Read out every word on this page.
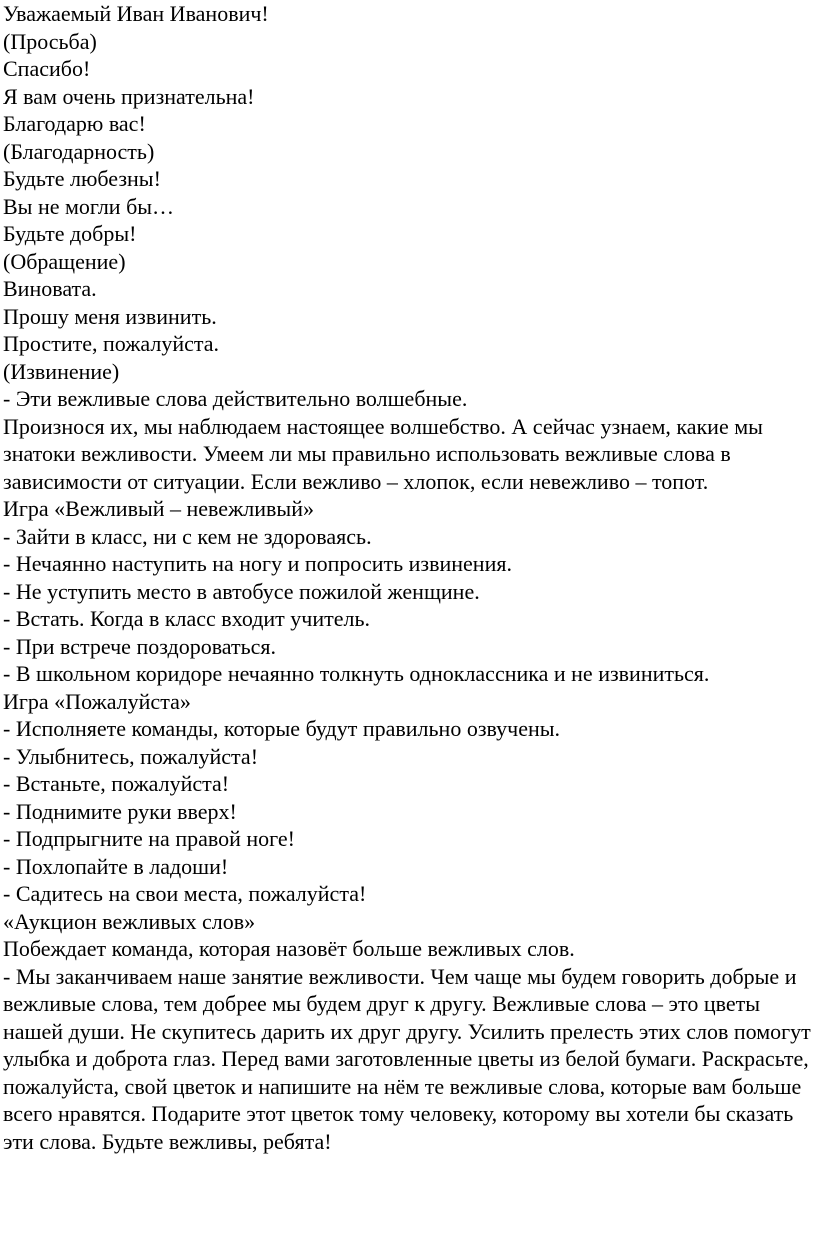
Уважаемый Иван Иванович!

(Просьба)

Спасибо!

Я вам очень признательна!

Благодарю вас!

(Благодарность)

Будьте любезны!

Вы не могли бы…

Будьте добры!

(Обращение)

Виновата.

Прошу меня извинить.

Простите, пожалуйста.

(Извинение)

- Эти вежливые слова действительно волшебные.

Произнося их, мы наблюдаем настоящее волшебство. А сейчас узнаем, какие мы знатоки вежливости. Умеем ли мы правильно использовать вежливые слова в зависимости от ситуации. Если вежливо – хлопок, если невежливо – топот.

Игра «Вежливый – невежливый»

- Зайти в класс, ни с кем не здороваясь.

- Нечаянно наступить на ногу и попросить извинения.

- Не уступить место в автобусе пожилой женщине.

- Встать. Когда в класс входит учитель.

- При встрече поздороваться.

- В школьном коридоре нечаянно толкнуть одноклассника и не извиниться.

Игра «Пожалуйста»

- Исполняете команды, которые будут правильно озвучены.

- Улыбнитесь, пожалуйста!

- Встаньте, пожалуйста!

- Поднимите руки вверх!

- Подпрыгните на правой ноге!

- Похлопайте в ладоши!

- Садитесь на свои места, пожалуйста!

«Аукцион вежливых слов»

Побеждает команда, которая назовёт больше вежливых слов.

- Мы заканчиваем наше занятие вежливости. Чем чаще мы будем говорить добрые и вежливые слова, тем добрее мы будем друг к другу. Вежливые слова – это цветы нашей души. Не скупитесь дарить их друг другу. Усилить прелесть этих слов помогут улыбка и доброта глаз. Перед вами заготовленные цветы из белой бумаги. Раскрасьте, пожалуйста, свой цветок и напишите на нём те вежливые слова, которые вам больше всего нравятся. Подарите этот цветок тому человеку, которому вы хотели бы сказать эти слова. Будьте вежливы, ребята!
